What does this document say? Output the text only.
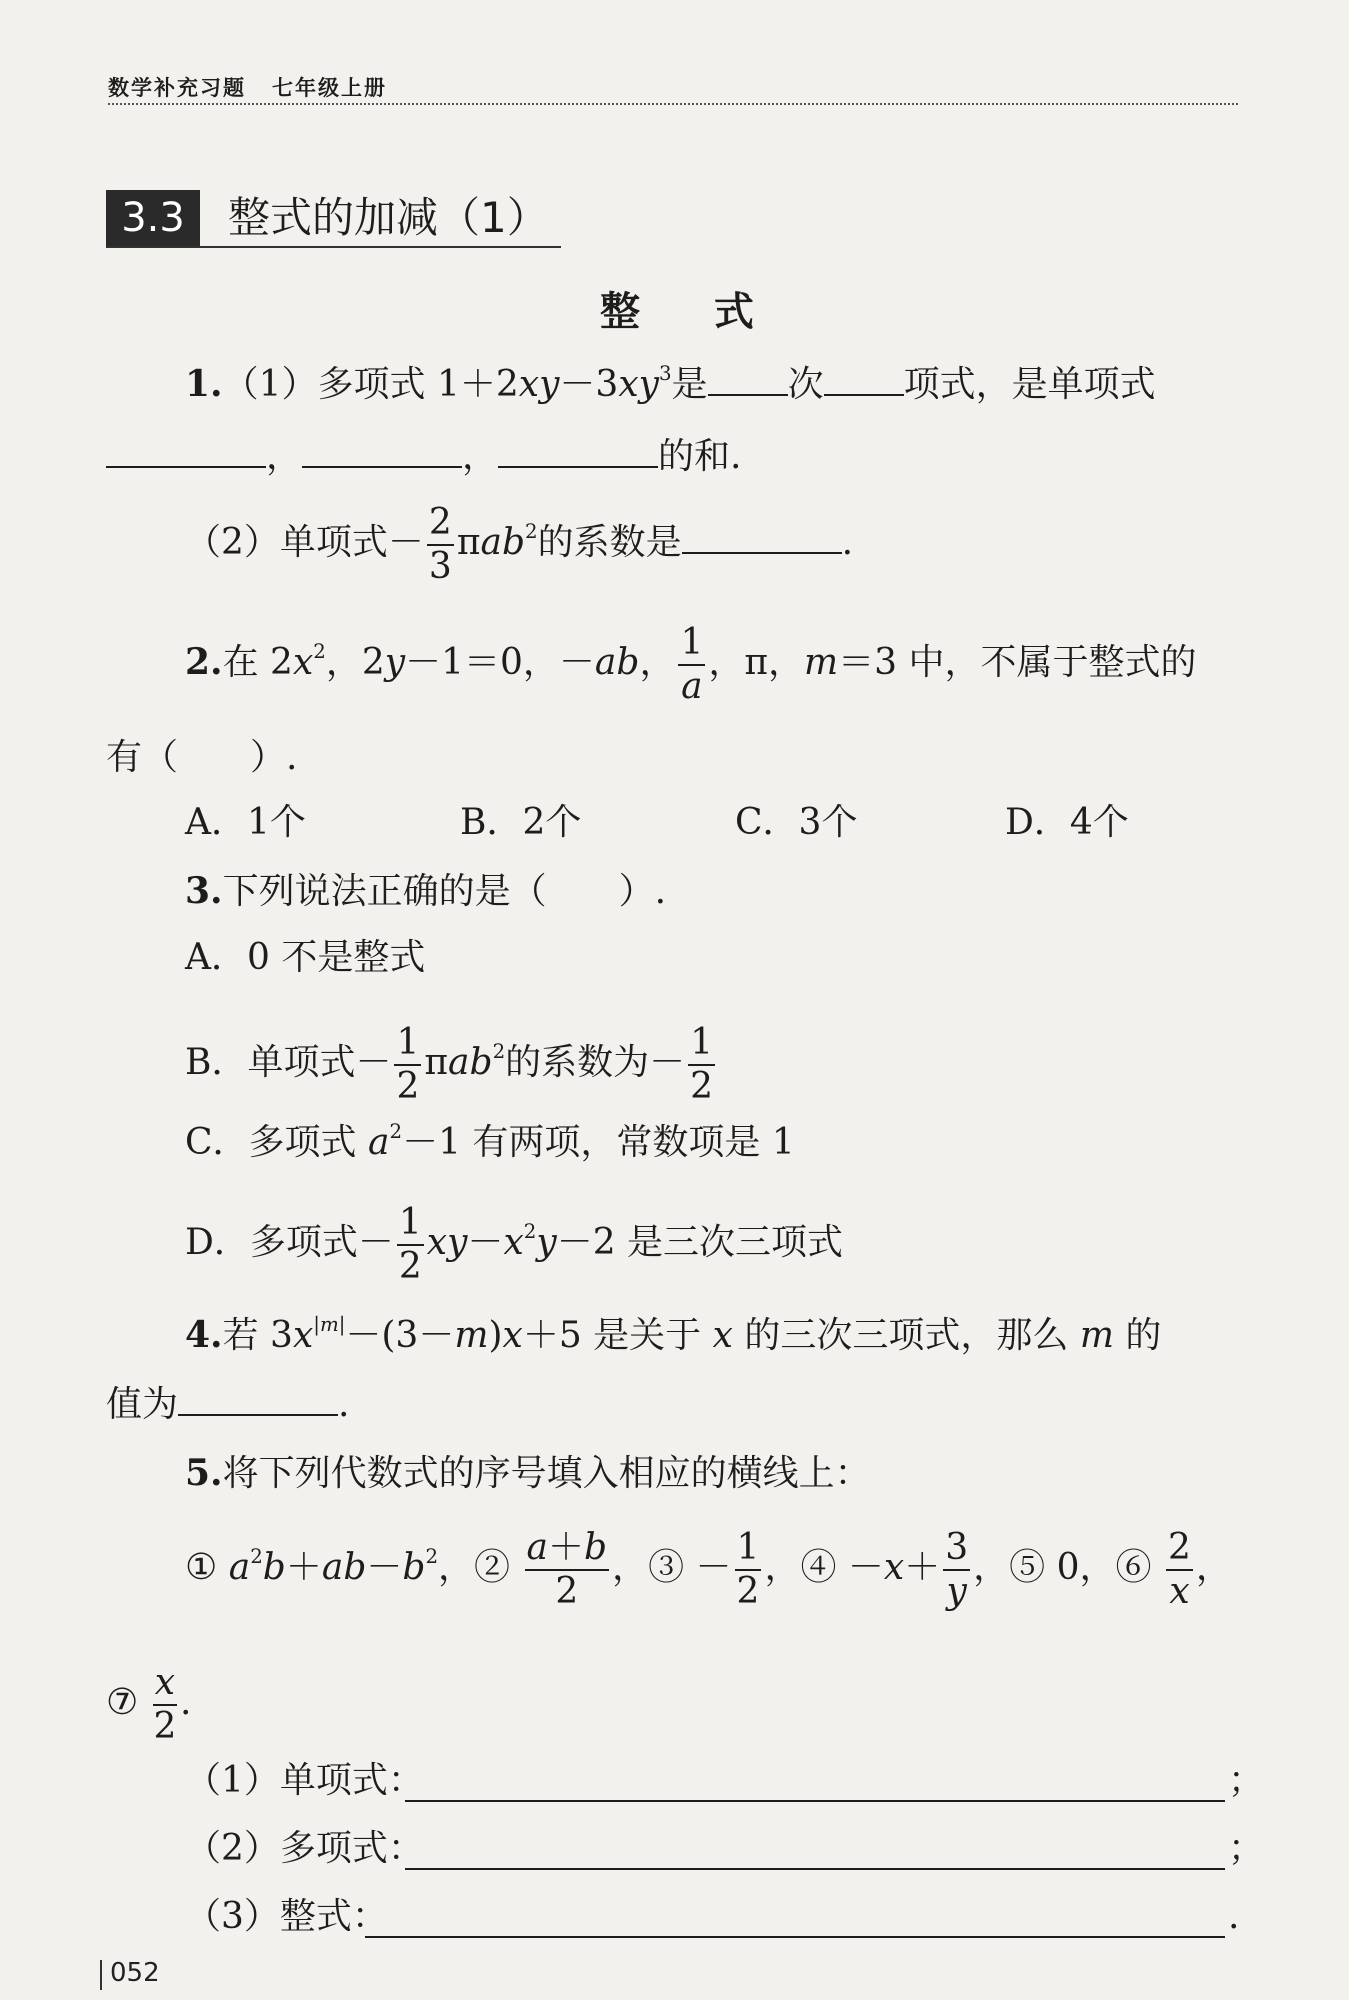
数学补充习题 七年级上册
3.3	整式的加减（1）
整 式
1.（1）多项式 $1+2xy-3xy^3$是 次 项式，是单项式
，	，	的和.
（2）单项式－ $\frac{2}{3} \pi ab^2$的系数是	.
2.在 $2x^2$，2y－1＝0，－ab， $\frac{1}{a}$ ，π，m＝3 中，不属于整式的
有（　　）.
A．1个	B．2个	C．3个	D．4个
3.下列说法正确的是（　　）.
A．0 不是整式
B．单项式－ $\frac{1}{2} \pi ab^2$的系数为－ $\frac{1}{2}$
C．多项式 $a^2-1$ 有两项，常数项是 1
D．多项式－ $\frac{1}{2} xy-x^2y-2$ 是三次三项式
4.若 $3x^{|m|}-(3-m)x+5$ 是关于 x 的三次三项式，那么 m 的
值为	.
5.将下列代数式的序号填入相应的横线上：
① $a^2b+ab-b^2$，② $\frac{a+b}{2}$ ，③ － $\frac{1}{2}$ ，④ $-x+ \frac{3}{y}$ ，⑤ 0，⑥ $\frac{2}{x}$ ，
⑦ $\frac{x}{2}$ .
（1）单项式：	；
（2）多项式：	；
（3）整式：	.
052
